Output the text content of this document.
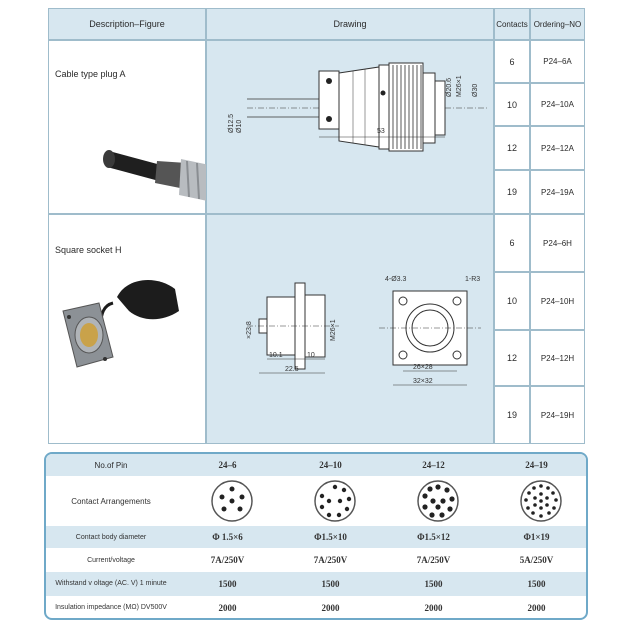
Description–Figure	Drawing	Contacts Ordering–NO
Cable type plug A
53
Ø12.5 Ø10
Ø20.6 M26×1 Ø30
6	P24–6A
10	P24–10A
12	P24–12A
19	P24–19A
Square socket H
×23.8	M26×1
10.1	10
22.5
4-Ø3.3	1-R3
26×28
32×32
6	P24–6H
10	P24–10H
12	P24–12H
19	P24–19H
No.of Pin	24–6	24–10	24–12	24–19
Contact Arrangements
Contact body diameter	Φ 1.5×6	Φ1.5×10	Φ1.5×12	Φ1×19
Current/voltage	7A/250V	7A/250V	7A/250V	5A/250V
Withstand v oltage (AC. V) 1 minute	1500	1500	1500	1500
Insulation impedance (MΩ) DV500V	2000	2000	2000	2000
